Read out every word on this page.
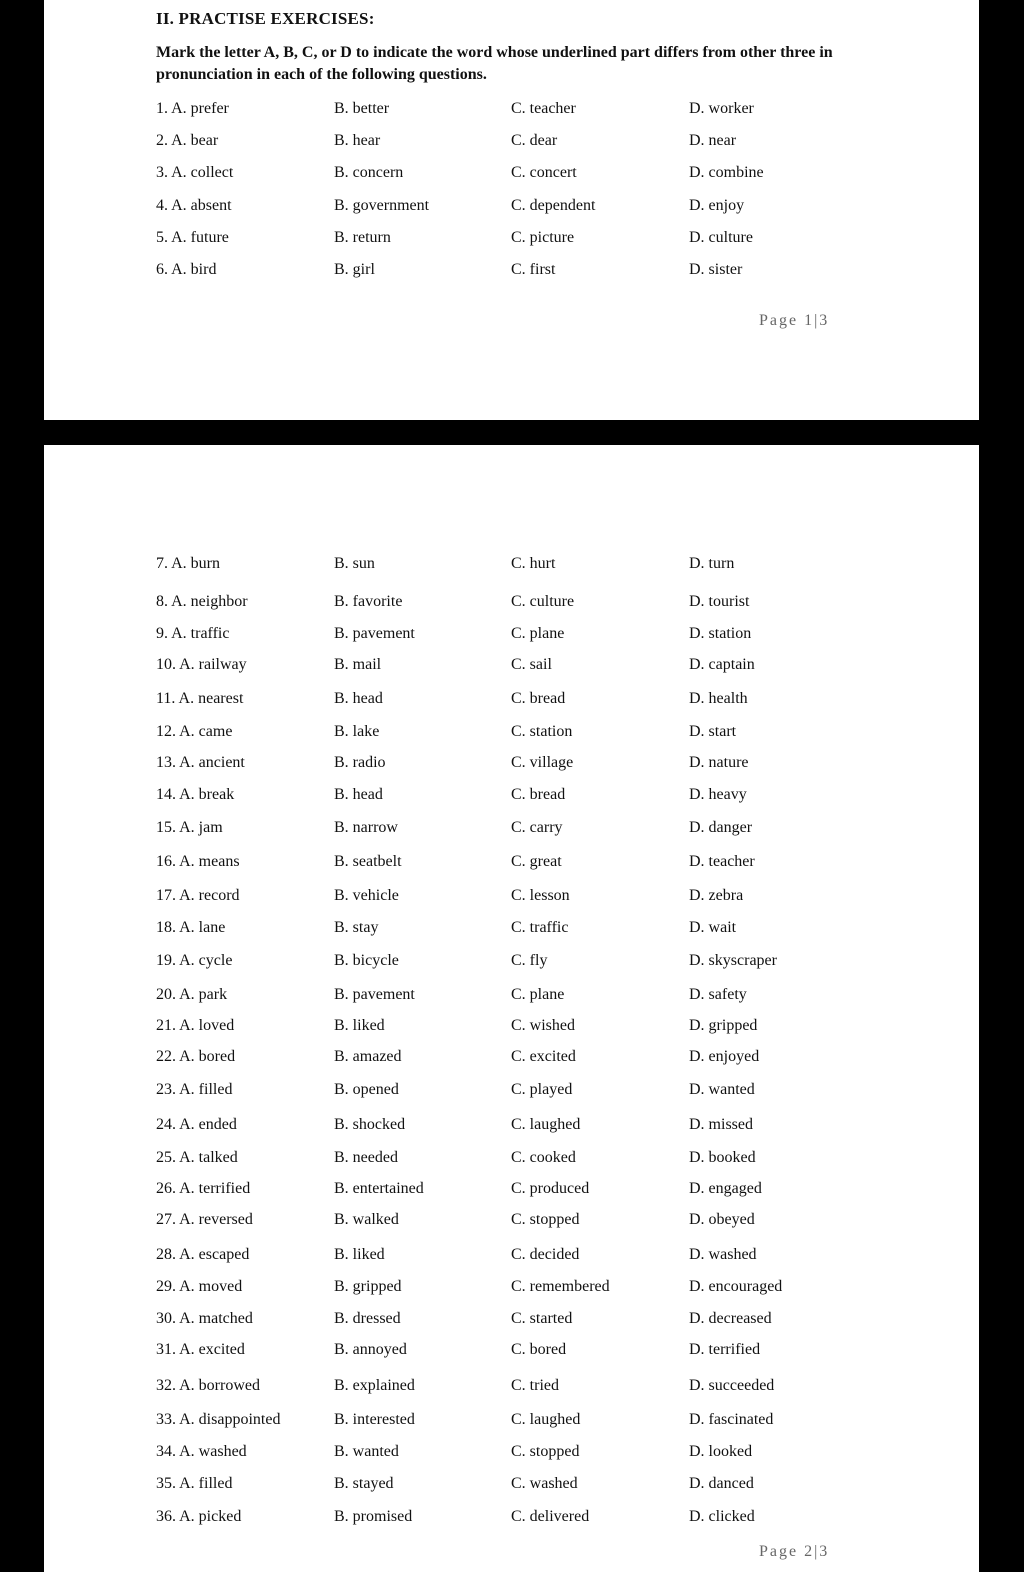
II. PRACTISE EXERCISES:
Mark the letter A, B, C, or D to indicate the word whose underlined part differs from other three in pronunciation in each of the following questions.
1. A. prefer	B. better	C. teacher	D. worker
2. A. bear	B. hear	C. dear	D. near
3. A. collect	B. concern	C. concert	D. combine
4. A. absent	B. government	C. dependent	D. enjoy
5. A. future	B. return	C. picture	D. culture
6. A. bird	B. girl	C. first	D. sister
Page 1|3
7. A. burn	B. sun	C. hurt	D. turn
8. A. neighbor	B. favorite	C. culture	D. tourist
9. A. traffic	B. pavement	C. plane	D. station
10. A. railway	B. mail	C. sail	D. captain
11. A. nearest	B. head	C. bread	D. health
12. A. came	B. lake	C. station	D. start
13. A. ancient	B. radio	C. village	D. nature
14. A. break	B. head	C. bread	D. heavy
15. A. jam	B. narrow	C. carry	D. danger
16. A. means	B. seatbelt	C. great	D. teacher
17. A. record	B. vehicle	C. lesson	D. zebra
18. A. lane	B. stay	C. traffic	D. wait
19. A. cycle	B. bicycle	C. fly	D. skyscraper
20. A. park	B. pavement	C. plane	D. safety
21. A. loved	B. liked	C. wished	D. gripped
22. A. bored	B. amazed	C. excited	D. enjoyed
23. A. filled	B. opened	C. played	D. wanted
24. A. ended	B. shocked	C. laughed	D. missed
25. A. talked	B. needed	C. cooked	D. booked
26. A. terrified	B. entertained	C. produced	D. engaged
27. A. reversed	B. walked	C. stopped	D. obeyed
28. A. escaped	B. liked	C. decided	D. washed
29. A. moved	B. gripped	C. remembered	D. encouraged
30. A. matched	B. dressed	C. started	D. decreased
31. A. excited	B. annoyed	C. bored	D. terrified
32. A. borrowed	B. explained	C. tried	D. succeeded
33. A. disappointed	B. interested	C. laughed	D. fascinated
34. A. washed	B. wanted	C. stopped	D. looked
35. A. filled	B. stayed	C. washed	D. danced
36. A. picked	B. promised	C. delivered	D. clicked
Page 2|3
